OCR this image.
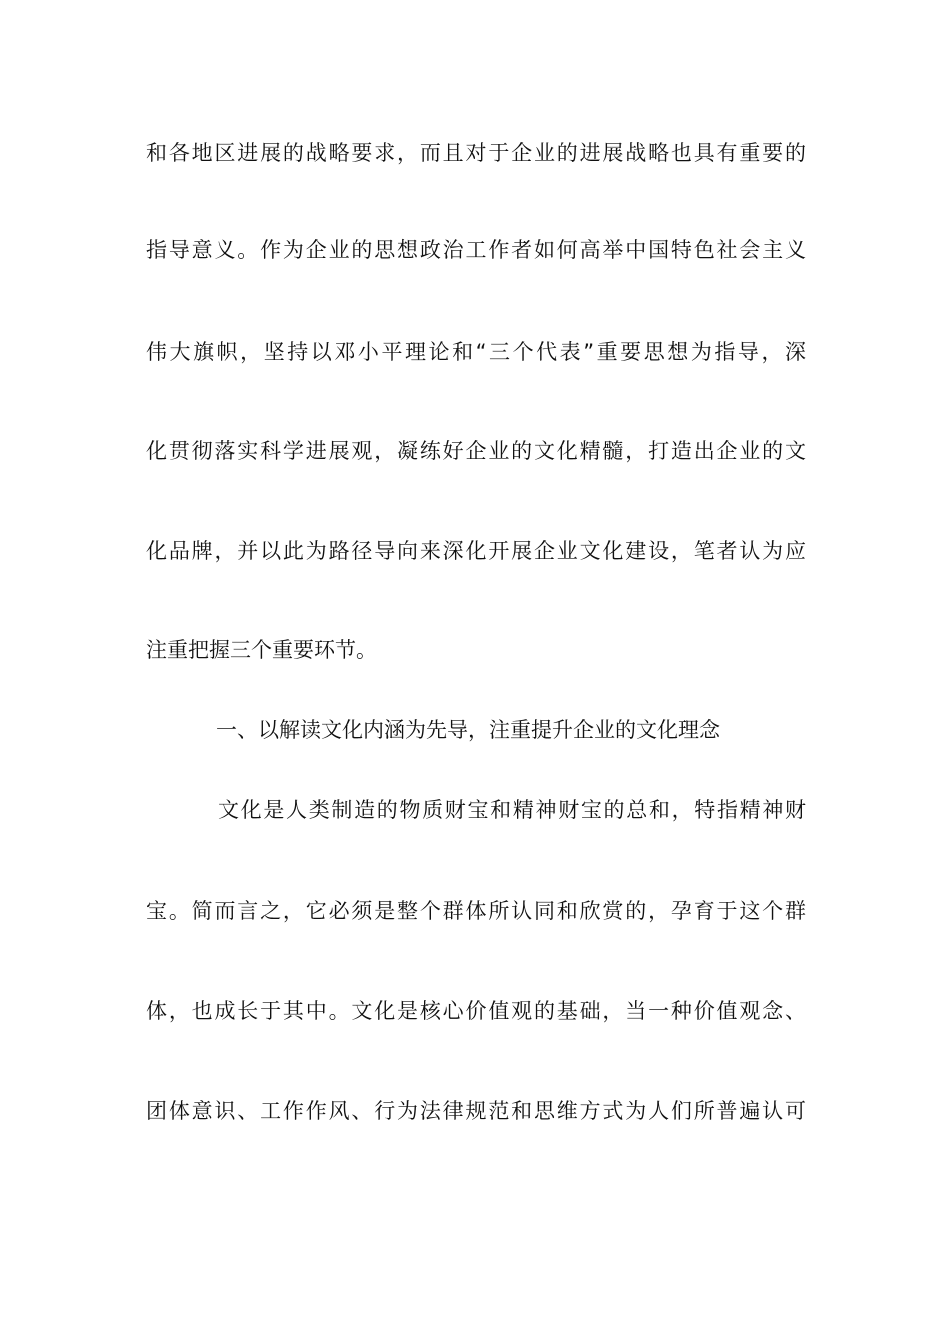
和各地区进展的战略要求，而且对于企业的进展战略也具有重要的
指导意义。作为企业的思想政治工作者如何高举中国特色社会主义
伟大旗帜，坚持以邓小平理论和“三个代表”重要思想为指导，深
化贯彻落实科学进展观，凝练好企业的文化精髓，打造出企业的文
化品牌，并以此为路径导向来深化开展企业文化建设，笔者认为应
注重把握三个重要环节。
一、以解读文化内涵为先导，注重提升企业的文化理念
文化是人类制造的物质财宝和精神财宝的总和，特指精神财
宝。简而言之，它必须是整个群体所认同和欣赏的，孕育于这个群
体，也成长于其中。文化是核心价值观的基础，当一种价值观念、
团体意识、工作作风、行为法律规范和思维方式为人们所普遍认可
